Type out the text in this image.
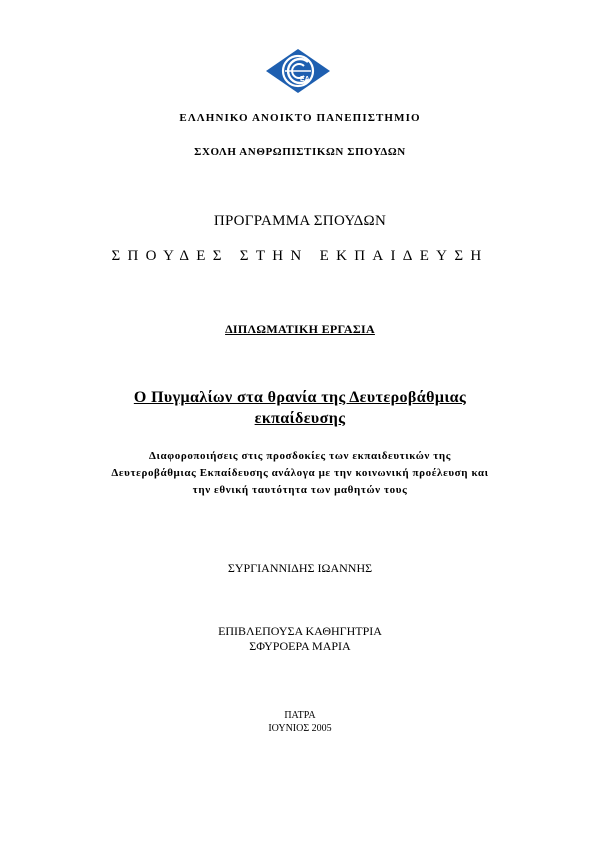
ΕΑ
ΕΛΛΗΝΙΚΟ ΑΝΟΙΚΤΟ ΠΑΝΕΠΙΣΤΗΜΙΟ
ΣΧΟΛΗ ΑΝΘΡΩΠΙΣΤΙΚΩΝ ΣΠΟΥΔΩΝ
ΠΡΟΓΡΑΜΜΑ ΣΠΟΥΔΩΝ
ΣΠΟΥΔΕΣ ΣΤΗΝ ΕΚΠΑΙΔΕΥΣΗ
ΔΙΠΛΩΜΑΤΙΚΗ ΕΡΓΑΣΙΑ
Ο Πυγμαλίων στα θρανία της Δευτεροβάθμιας
εκπαίδευσης
Διαφοροποιήσεις στις προσδοκίες των εκπαιδευτικών της
Δευτεροβάθμιας Εκπαίδευσης ανάλογα με την κοινωνική προέλευση και
την εθνική ταυτότητα των μαθητών τους
ΣΥΡΓΙΑΝΝΙΔΗΣ ΙΩΑΝΝΗΣ
ΕΠΙΒΛΕΠΟΥΣΑ ΚΑΘΗΓΗΤΡΙΑ
ΣΦΥΡΟΕΡΑ ΜΑΡΙΑ
ΠΑΤΡΑ
ΙΟΥΝΙΟΣ 2005
